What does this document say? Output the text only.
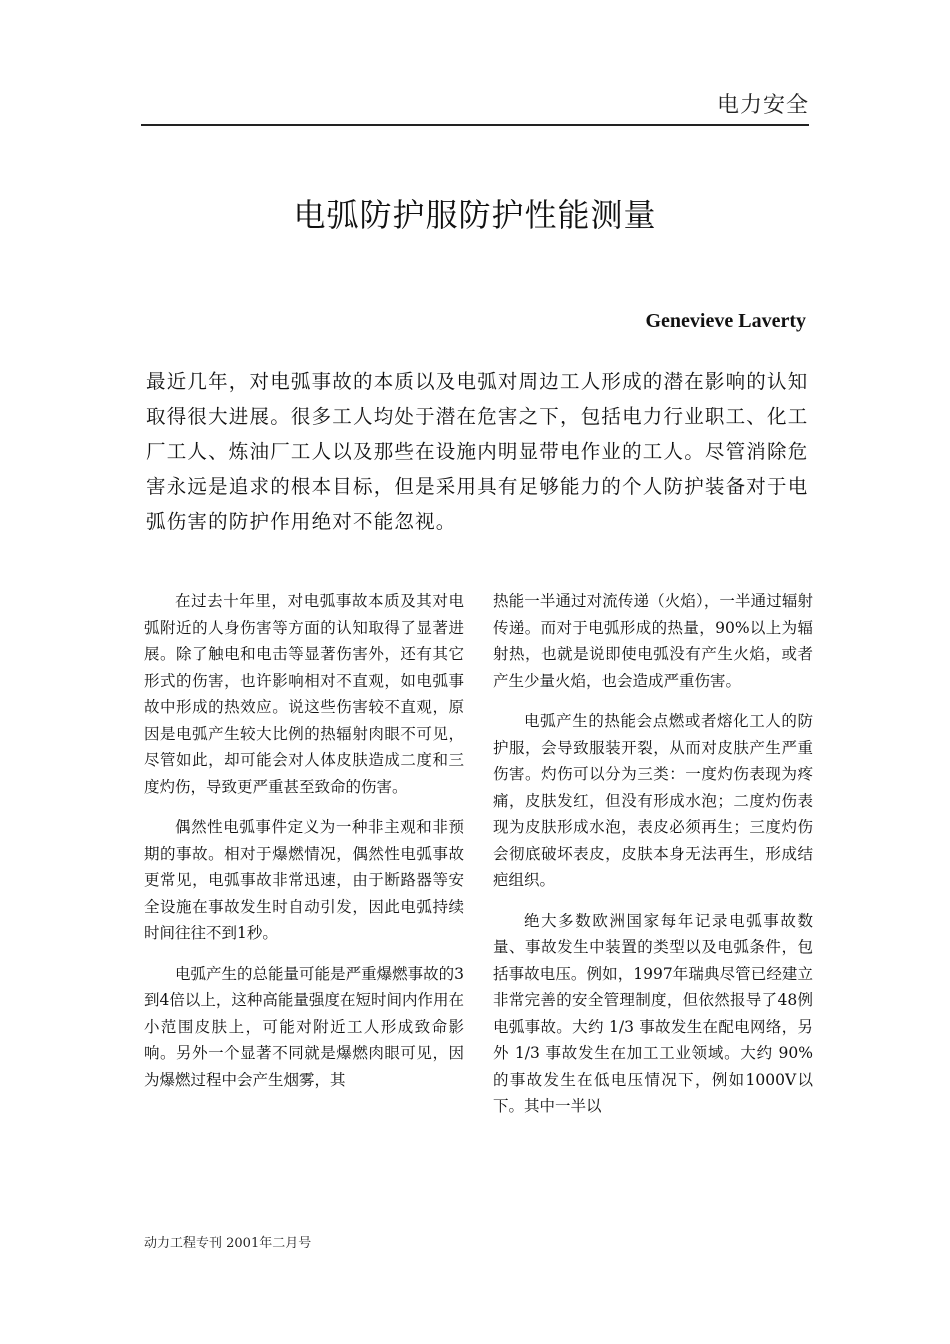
电力安全
电弧防护服防护性能测量
Genevieve Laverty

最近几年，对电弧事故的本质以及电弧对周边工人形成的潜在影响的认知取得很大进展。很多工人均处于潜在危害之下，包括电力行业职工、化工厂工人、炼油厂工人以及那些在设施内明显带电作业的工人。尽管消除危害永远是追求的根本目标，但是采用具有足够能力的个人防护装备对于电弧伤害的防护作用绝对不能忽视。

在过去十年里，对电弧事故本质及其对电弧附近的人身伤害等方面的认知取得了显著进展。除了触电和电击等显著伤害外，还有其它形式的伤害，也许影响相对不直观，如电弧事故中形成的热效应。说这些伤害较不直观，原因是电弧产生较大比例的热辐射肉眼不可见，尽管如此，却可能会对人体皮肤造成二度和三度灼伤，导致更严重甚至致命的伤害。

偶然性电弧事件定义为一种非主观和非预期的事故。相对于爆燃情况，偶然性电弧事故更常见，电弧事故非常迅速，由于断路器等安全设施在事故发生时自动引发，因此电弧持续时间往往不到1秒。

电弧产生的总能量可能是严重爆燃事故的3到4倍以上，这种高能量强度在短时间内作用在小范围皮肤上，可能对附近工人形成致命影响。另外一个显著不同就是爆燃肉眼可见，因为爆燃过程中会产生烟雾，其

热能一半通过对流传递（火焰），一半通过辐射传递。而对于电弧形成的热量，90%以上为辐射热，也就是说即使电弧没有产生火焰，或者产生少量火焰，也会造成严重伤害。

电弧产生的热能会点燃或者熔化工人的防护服，会导致服装开裂，从而对皮肤产生严重伤害。灼伤可以分为三类：一度灼伤表现为疼痛，皮肤发红，但没有形成水泡；二度灼伤表现为皮肤形成水泡，表皮必须再生；三度灼伤会彻底破坏表皮，皮肤本身无法再生，形成结疤组织。

绝大多数欧洲国家每年记录电弧事故数量、事故发生中装置的类型以及电弧条件，包括事故电压。例如，1997年瑞典尽管已经建立非常完善的安全管理制度，但依然报导了48例电弧事故。大约 1/3 事故发生在配电网络，另外 1/3 事故发生在加工工业领域。大约 90%的事故发生在低电压情况下，例如1000V以下。其中一半以

动力工程专刊 2001年二月号
